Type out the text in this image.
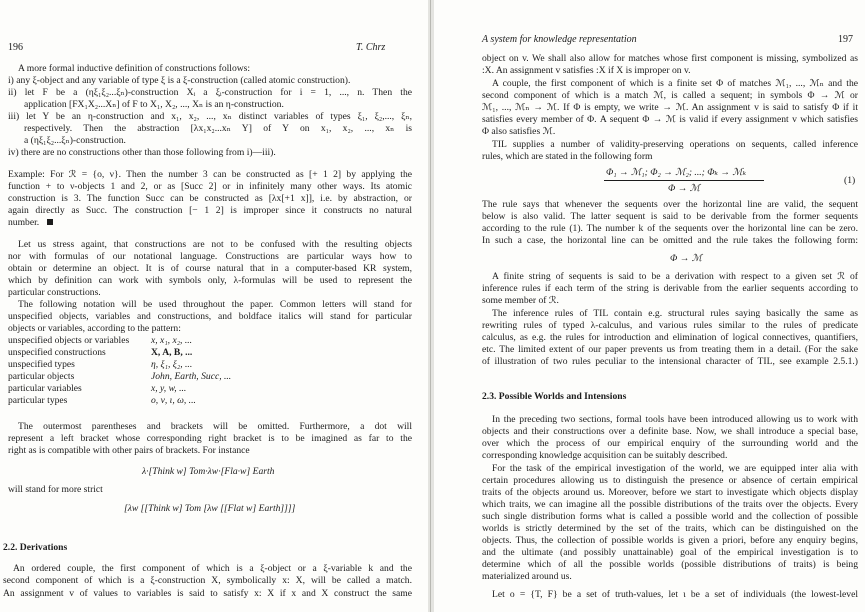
196	T. Chrz
A more formal inductive definition of constructions follows:
i) any ξ-object and any variable of type ξ is a ξ-construction (called atomic construction).
ii) let F be a (ηξ₁ξ₂...ξₙ)-construction Xᵢ a ξᵢ-construction for i = 1, ..., n. Then the
application [FX₁X₂...Xₙ] of F to X₁, X₂, ..., Xₙ is an η-construction.
iii) let Y be an η-construction and x₁, x₂, ..., xₙ distinct variables of types ξ₁, ξ₂,..., ξₙ,
respectively. Then the abstraction [λx₁x₂...xₙ Y] of Y on x₁, x₂, ..., xₙ is
a (ηξ₁ξ₂...ξₙ)-construction.
iv) there are no constructions other than those following from i)—iii).
Example: For ℛ = {o, ν}. Then the number 3 can be constructed as [+ 1 2] by applying the
function + to ν-objects 1 and 2, or as [Succ 2] or in infinitely many other ways. Its atomic
construction is 3. The function Succ can be constructed as [λx[+1 x]], i.e. by abstraction, or
again directly as Succ. The construction [− 1 2] is improper since it constructs no natural
number.
Let us stress againt, that constructions are not to be confused with the resulting objects
nor with formulas of our notational language. Constructions are particular ways how to
obtain or determine an object. It is of course natural that in a computer-based KR system,
which by definition can work with symbols only, λ-formulas will be used to represent the
particular constructions.
The following notation will be used throughout the paper. Common letters will stand for
unspecified objects, variables and constructions, and boldface italics will stand for particular
objects or variables, according to the pattern:
unspecified objects or variables x, x₁, x₂, ...
unspecified constructions	X, A, B, ...
unspecified types	η, ξ₁, ξ₂, ...
particular objects	John, Earth, Succ, ...
particular variables	x, y, w, ...
particular types	o, ν, ι, ω, ...
The outermost parentheses and brackets will be omitted. Furthermore, a dot will
represent a left bracket whose corresponding right bracket is to be imagined as far to the
right as is compatible with other pairs of brackets. For instance
λ·[Think w] Tom·λw·[Fla·w] Earth
will stand for more strict
[λw [[Think w] Tom [λw [[Flat w] Earth]]]]
2.2. Derivations
An ordered couple, the first component of which is a ξ-object or a ξ-variable k and the
second component of which is a ξ-construction X, symbolically x: X, will be called a match.
An assignment v of values to variables is said to satisfy x: X if x and X construct the same
A system for knowledge representation	197
object on v. We shall also allow for matches whose first component is missing, symbolized as
:X. An assignment v satisfies :X if X is improper on v.
A couple, the first component of which is a finite set Φ of matches ℳ₁, ..., ℳₙ and the
second component of which is a match ℳ, is called a sequent; in symbols Φ → ℳ or
ℳ₁, ..., ℳₙ → ℳ. If Φ is empty, we write → ℳ. An assignment v is said to satisfy Φ if it
satisfies every member of Φ. A sequent Φ → ℳ is valid if every assignment v which satisfies
Φ also satisfies ℳ.
TIL supplies a number of validity-preserving operations on sequents, called inference
rules, which are stated in the following form
Φ₁ → ℳ₁; Φ₂ → ℳ₂; ...; Φₖ → ℳₖ
Φ → ℳ
(1)
The rule says that whenever the sequents over the horizontal line are valid, the sequent
below is also valid. The latter sequent is said to be derivable from the former sequents
according to the rule (1). The number k of the sequents over the horizontal line can be zero.
In such a case, the horizontal line can be omitted and the rule takes the following form:
Φ → ℳ
A finite string of sequents is said to be a derivation with respect to a given set ℛ of
inference rules if each term of the string is derivable from the earlier sequents according to
some member of ℛ.
The inference rules of TIL contain e.g. structural rules saying basically the same as
rewriting rules of typed λ-calculus, and various rules similar to the rules of predicate
calculus, as e.g. the rules for introduction and elimination of logical connectives, quantifiers,
etc. The limited extent of our paper prevents us from treating them in a detail. (For the sake
of illustration of two rules peculiar to the intensional character of TIL, see example 2.5.1.)
2.3. Possible Worlds and Intensions
In the preceding two sections, formal tools have been introduced allowing us to work with
objects and their constructions over a definite base. Now, we shall introduce a special base,
over which the process of our empirical enquiry of the surrounding world and the
corresponding knowledge acquisition can be suitably described.
For the task of the empirical investigation of the world, we are equipped inter alia with
certain procedures allowing us to distinguish the presence or absence of certain empirical
traits of the objects around us. Moreover, before we start to investigate which objects display
which traits, we can imagine all the possible distributions of the traits over the objects. Every
such single distribution forms what is called a possible world and the collection of possible
worlds is strictly determined by the set of the traits, which can be distinguished on the
objects. Thus, the collection of possible worlds is given a priori, before any enquiry begins,
and the ultimate (and possibly unattainable) goal of the empirical investigation is to
determine which of all the possible worlds (possible distributions of traits) is being
materialized around us.
Let o = {T, F} be a set of truth-values, let ι be a set of individuals (the lowest-level
